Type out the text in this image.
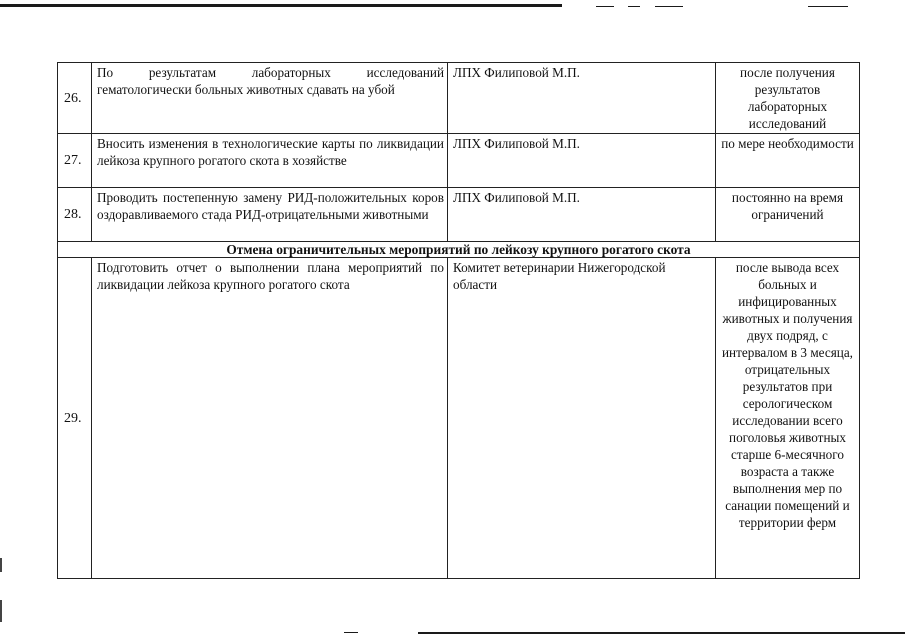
26.	По результатам лабораторных исследований гематологически больных животных сдавать на убой	ЛПХ Филиповой М.П.	после получения результатов лабораторных исследований
27.	Вносить изменения в технологические карты по ликвидации лейкоза крупного рогатого скота в хозяйстве	ЛПХ Филиповой М.П.	по мере необходимости
28.	Проводить постепенную замену РИД-положительных коров оздоравливаемого стада РИД-отрицательными животными	ЛПХ Филиповой М.П.	постоянно на время ограничений
Отмена ограничительных мероприятий по лейкозу крупного рогатого скота			
29.	Подготовить отчет о выполнении плана мероприятий по ликвидации лейкоза крупного рогатого скота	Комитет ветеринарии Нижегородской области	после вывода всех больных и инфицированных животных и получения двух подряд, с интервалом в 3 месяца, отрицательных результатов при серологическом исследовании всего поголовья животных старше 6-месячного возраста а также выполнения мер по санации помещений и территории ферм
